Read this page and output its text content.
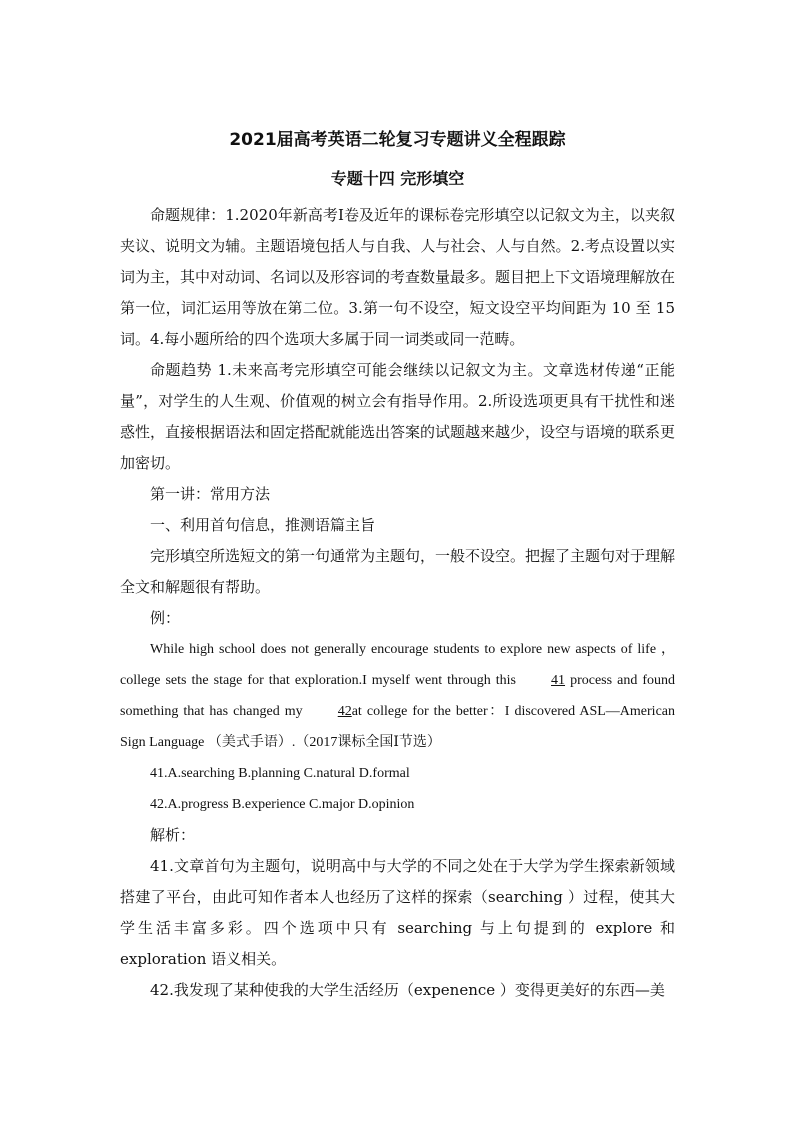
2021届高考英语二轮复习专题讲义全程跟踪
专题十四 完形填空

命题规律：1.2020年新高考Ⅰ卷及近年的课标卷完形填空以记叙文为主，以夹叙夹议、说明文为辅。主题语境包括人与自我、人与社会、人与自然。2.考点设置以实词为主，其中对动词、名词以及形容词的考查数量最多。题目把上下文语境理解放在第一位，词汇运用等放在第二位。3.第一句不设空，短文设空平均间距为 10 至 15 词。4.每小题所给的四个选项大多属于同一词类或同一范畴。

命题趋势 1.未来高考完形填空可能会继续以记叙文为主。文章选材传递“正能量”，对学生的人生观、价值观的树立会有指导作用。2.所设选项更具有干扰性和迷惑性，直接根据语法和固定搭配就能选出答案的试题越来越少，设空与语境的联系更加密切。

第一讲：常用方法

一、利用首句信息，推测语篇主旨

完形填空所选短文的第一句通常为主题句，一般不设空。把握了主题句对于理解全文和解题很有帮助。

例：

While high school does not generally encourage students to explore new aspects of life ， college sets the stage for that exploration.I myself went through this	41 process and found something that has changed my	42at college for the better：I discovered ASL—American Sign Language （美式手语）.（2017课标全国Ⅰ节选）

41.A.searching B.planning C.natural D.formal

42.A.progress B.experience C.major D.opinion

解析：

41.文章首句为主题句，说明高中与大学的不同之处在于大学为学生探索新领域搭建了平台，由此可知作者本人也经历了这样的探索（searching ）过程，使其大学生活丰富多彩。四个选项中只有 searching 与上句提到的 explore 和 exploration 语义相关。

42.我发现了某种使我的大学生活经历（expenence ）变得更美好的东西—美
